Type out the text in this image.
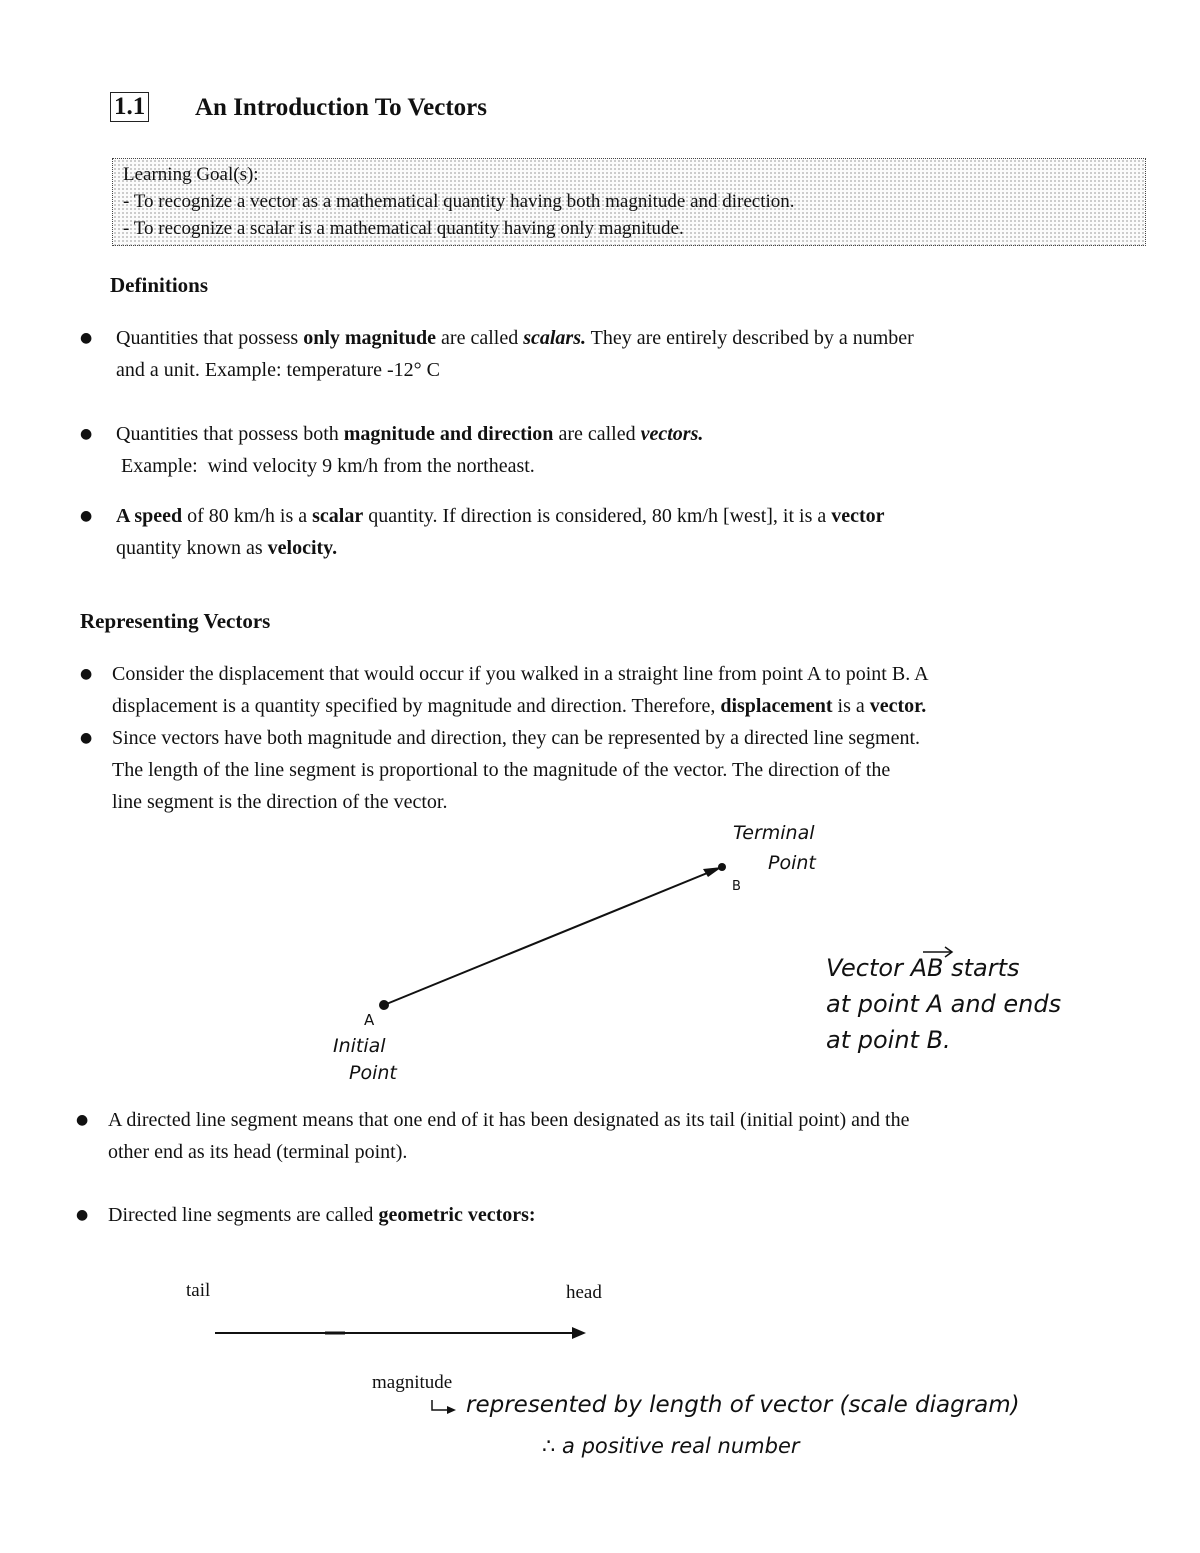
1.1 An Introduction To Vectors
Learning Goal(s):
- To recognize a vector as a mathematical quantity having both magnitude and direction.
- To recognize a scalar is a mathematical quantity having only magnitude.
Definitions
● Quantities that possess only magnitude are called scalars. They are entirely described by a number
and a unit. Example: temperature -12° C
● Quantities that possess both magnitude and direction are called vectors.
Example:  wind velocity 9 km/h from the northeast.
● A speed of 80 km/h is a scalar quantity. If direction is considered, 80 km/h [west], it is a vector
quantity known as velocity.
Representing Vectors
● Consider the displacement that would occur if you walked in a straight line from point A to point B. A
displacement is a quantity specified by magnitude and direction. Therefore, displacement is a vector.
● Since vectors have both magnitude and direction, they can be represented by a directed line segment.
The length of the line segment is proportional to the magnitude of the vector. The direction of the
line segment is the direction of the vector.
B
A
Terminal
Point
Initial
Point
Vector AB starts
at point A and ends
at point B.
● A directed line segment means that one end of it has been designated as its tail (initial point) and the
other end as its head (terminal point).
● Directed line segments are called geometric vectors:
tail	head
magnitude
represented by length of vector (scale diagram)
∴ a positive real number
